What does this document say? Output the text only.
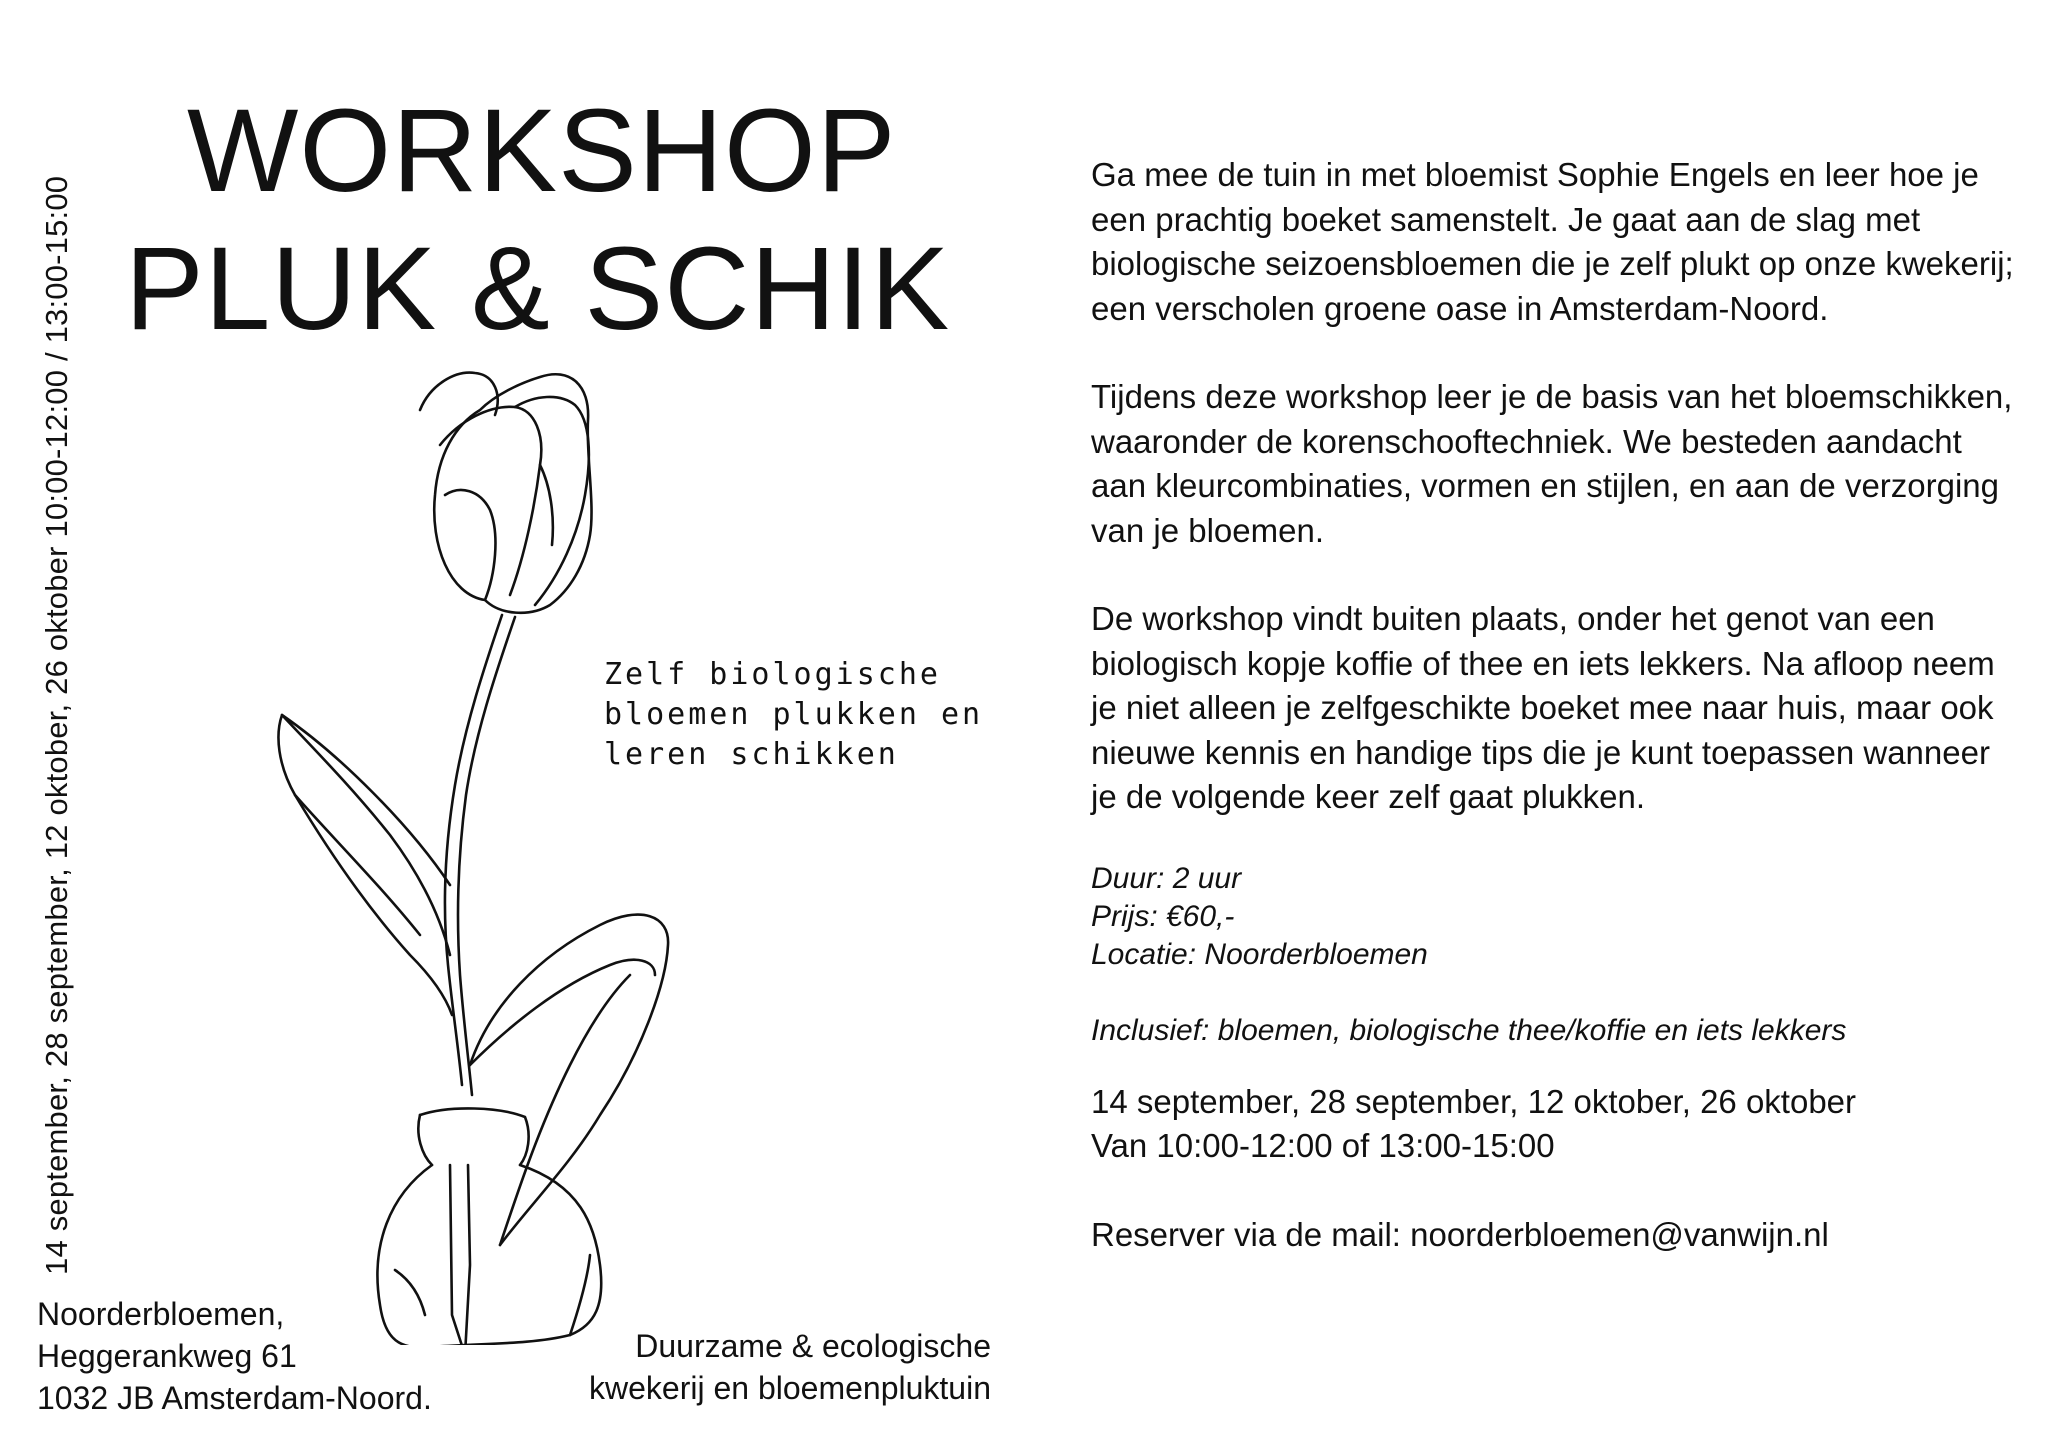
14 september, 28 september, 12 oktober, 26 oktober 10:00-12:00 / 13:00-15:00
WORKSHOP
PLUK & SCHIK
Zelf biologische
bloemen plukken en
leren schikken
Noorderbloemen,
Heggerankweg 61
1032 JB Amsterdam-Noord.
Duurzame & ecologische
kwekerij en bloemenpluktuin

Ga mee de tuin in met bloemist Sophie Engels en leer hoe je een prachtig boeket samenstelt. Je gaat aan de slag met biologische seizoensbloemen die je zelf plukt op onze kwekerij; een verscholen groene oase in Amsterdam-Noord.

Tijdens deze workshop leer je de basis van het bloemschikken, waaronder de korenschooftechniek. We besteden aandacht aan kleurcombinaties, vormen en stijlen, en aan de verzorging van je bloemen.

De workshop vindt buiten plaats, onder het genot van een biologisch kopje koffie of thee en iets lekkers. Na afloop neem je niet alleen je zelfgeschikte boeket mee naar huis, maar ook nieuwe kennis en handige tips die je kunt toepassen wanneer je de volgende keer zelf gaat plukken.

Duur: 2 uur
Prijs: €60,-
Locatie: Noorderbloemen
Inclusief: bloemen, biologische thee/koffie en iets lekkers

14 september, 28 september, 12 oktober, 26 oktober

Van 10:00-12:00 of 13:00-15:00

Reserver via de mail: noorderbloemen@vanwijn.nl
